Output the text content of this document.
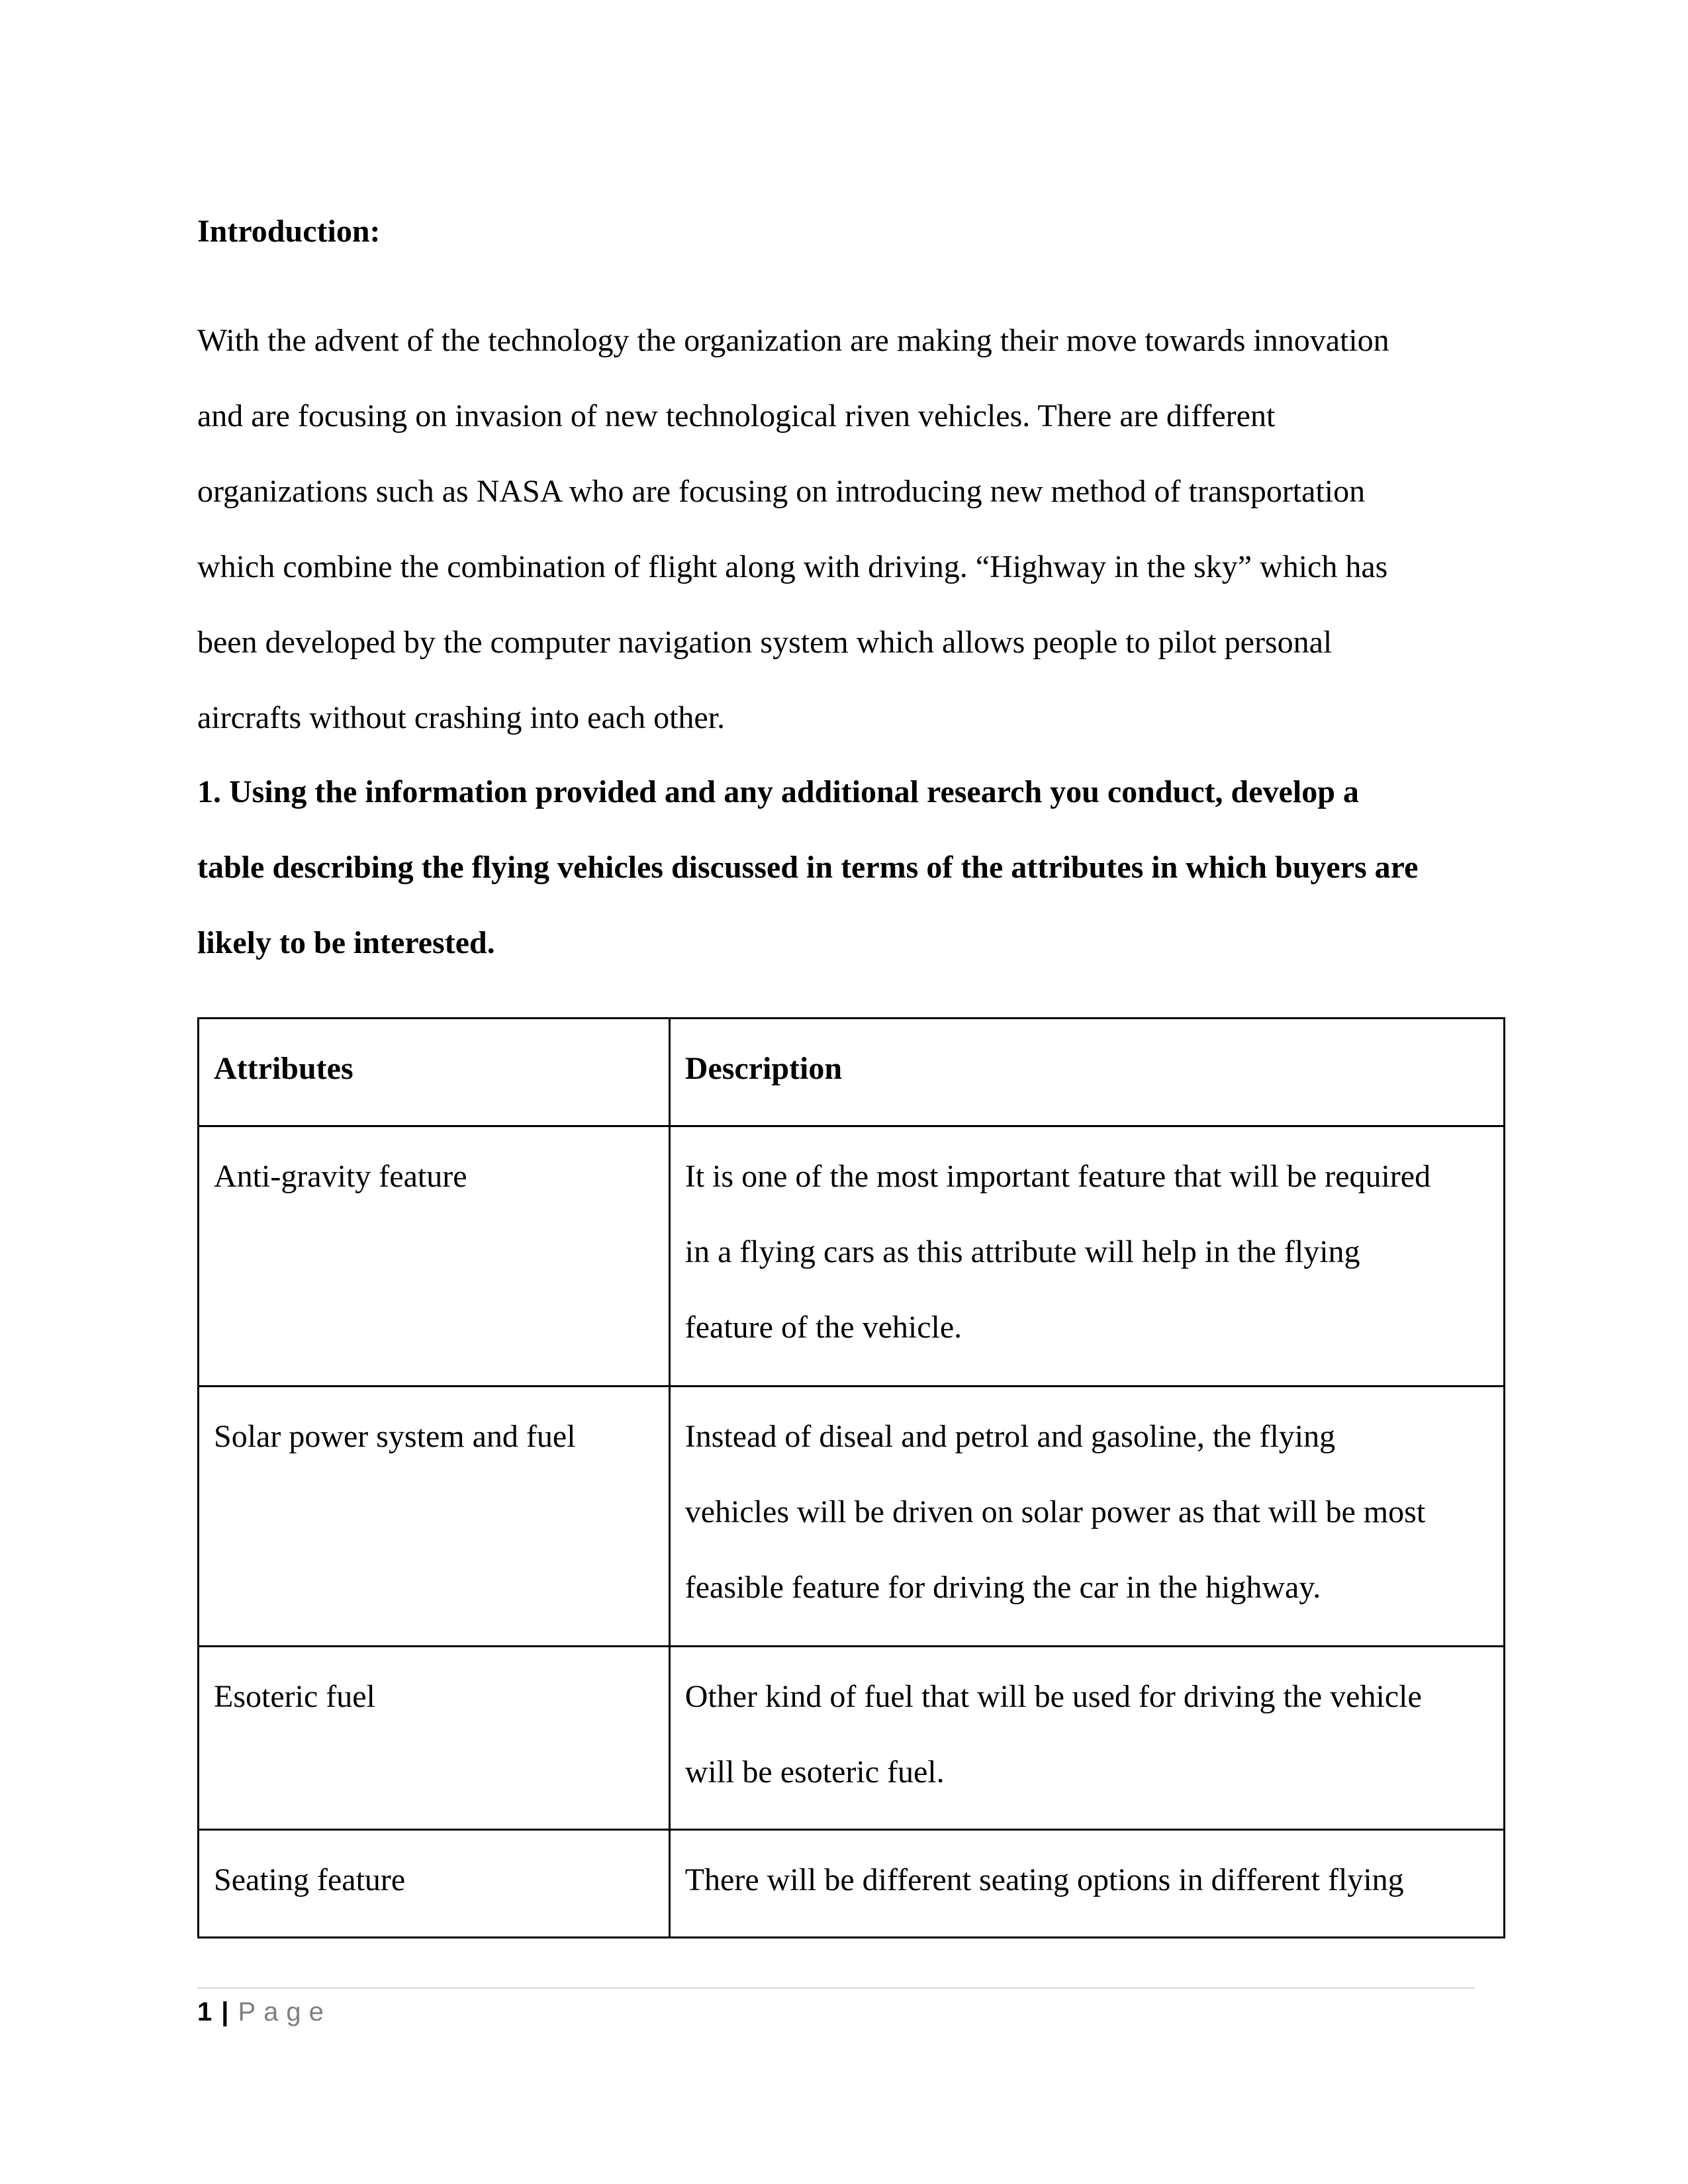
Introduction:

With the advent of the technology the organization are making their move towards innovation
and are focusing on invasion of new technological riven vehicles. There are different
organizations such as NASA who are focusing on introducing new method of transportation
which combine the combination of flight along with driving. “Highway in the sky” which has
been developed by the computer navigation system which allows people to pilot personal
aircrafts without crashing into each other.

1. Using the information provided and any additional research you conduct, develop a
table describing the flying vehicles discussed in terms of the attributes in which buyers are
likely to be interested.

Attributes	Description
Anti-gravity feature	It is one of the most important feature that will be required
in a flying cars as this attribute will help in the flying
feature of the vehicle.

Solar power system and fuel	Instead of diseal and petrol and gasoline, the flying
vehicles will be driven on solar power as that will be most
feasible feature for driving the car in the highway.

Esoteric fuel	Other kind of fuel that will be used for driving the vehicle
will be esoteric fuel.

Seating feature	There will be different seating options in different flying
1 | Page
